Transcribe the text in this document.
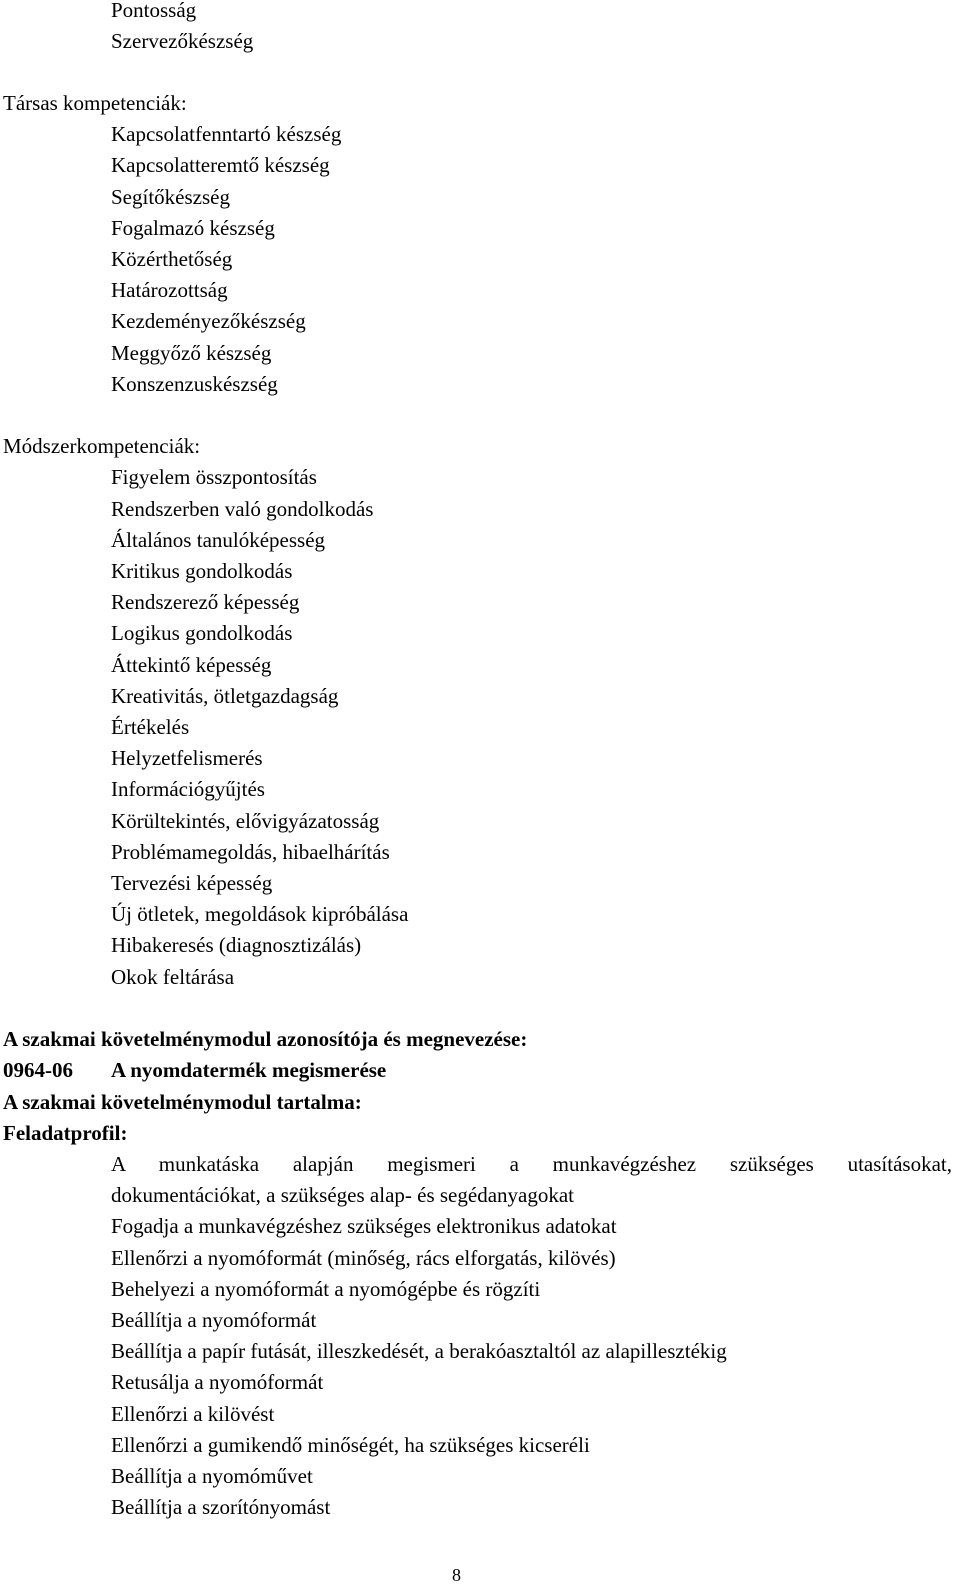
Pontosság
Szervezőkészség
Társas kompetenciák:
Kapcsolatfenntartó készség
Kapcsolatteremtő készség
Segítőkészség
Fogalmazó készség
Közérthetőség
Határozottság
Kezdeményezőkészség
Meggyőző készség
Konszenzuskészség
Módszerkompetenciák:
Figyelem összpontosítás
Rendszerben való gondolkodás
Általános tanulóképesség
Kritikus gondolkodás
Rendszerező képesség
Logikus gondolkodás
Áttekintő képesség
Kreativitás, ötletgazdagság
Értékelés
Helyzetfelismerés
Információgyűjtés
Körültekintés, elővigyázatosság
Problémamegoldás, hibaelhárítás
Tervezési képesség
Új ötletek, megoldások kipróbálása
Hibakeresés (diagnosztizálás)
Okok feltárása
A szakmai követelménymodul azonosítója és megnevezése:
0964-06 A nyomdatermék megismerése
A szakmai követelménymodul tartalma:
Feladatprofil:
A munkatáska alapján megismeri a munkavégzéshez szükséges utasításokat,
dokumentációkat, a szükséges alap- és segédanyagokat
Fogadja a munkavégzéshez szükséges elektronikus adatokat
Ellenőrzi a nyomóformát (minőség, rács elforgatás, kilövés)
Behelyezi a nyomóformát a nyomógépbe és rögzíti
Beállítja a nyomóformát
Beállítja a papír futását, illeszkedését, a berakóasztaltól az alapillesztékig
Retusálja a nyomóformát
Ellenőrzi a kilövést
Ellenőrzi a gumikendő minőségét, ha szükséges kicseréli
Beállítja a nyomóművet
Beállítja a szorítónyomást
8
